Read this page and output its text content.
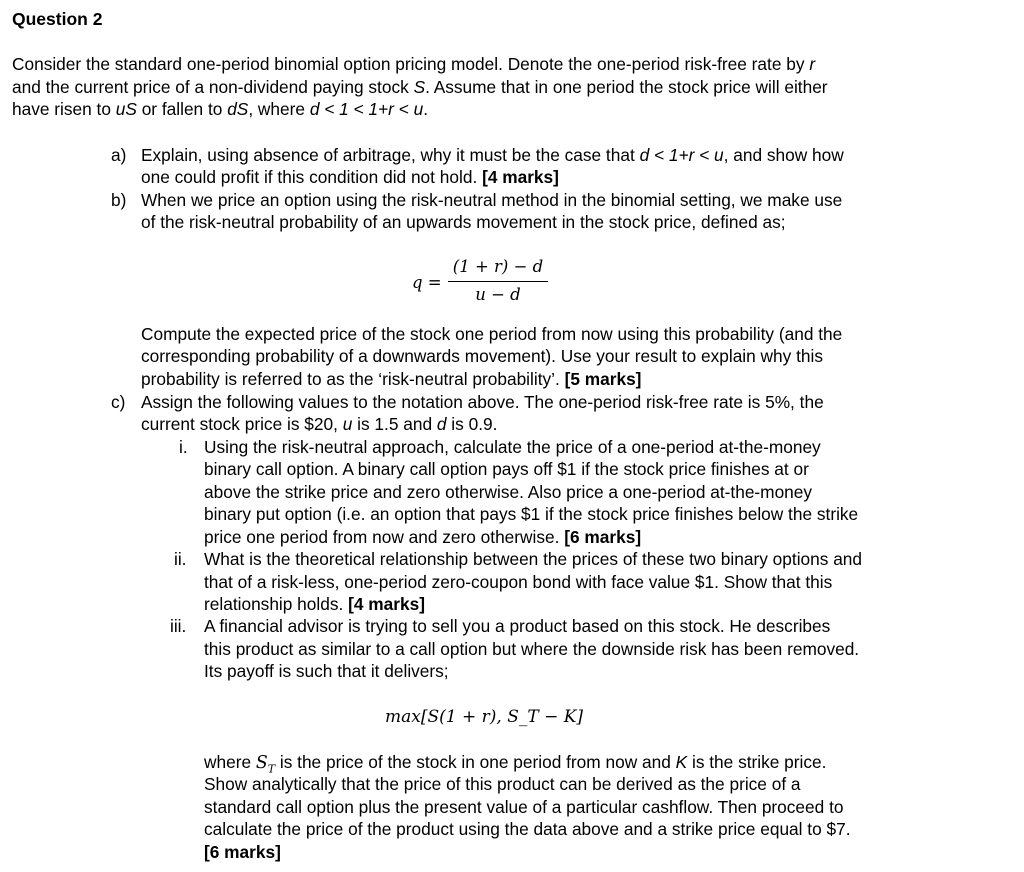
Question 2
Consider the standard one-period binomial option pricing model. Denote the one-period risk-free rate by r
and the current price of a non-dividend paying stock S. Assume that in one period the stock price will either
have risen to uS or fallen to dS, where d < 1 < 1+r < u.
a) Explain, using absence of arbitrage, why it must be the case that d < 1+r < u, and show how
one could profit if this condition did not hold. [4 marks]
b) When we price an option using the risk-neutral method in the binomial setting, we make use
of the risk-neutral probability of an upwards movement in the stock price, defined as;
q =
(1 + r) − d
u − d
Compute the expected price of the stock one period from now using this probability (and the
corresponding probability of a downwards movement). Use your result to explain why this
probability is referred to as the ‘risk-neutral probability’. [5 marks]
c) Assign the following values to the notation above. The one-period risk-free rate is 5%, the
current stock price is $20, u is 1.5 and d is 0.9.
i. Using the risk-neutral approach, calculate the price of a one-period at-the-money
binary call option. A binary call option pays off $1 if the stock price finishes at or
above the strike price and zero otherwise. Also price a one-period at-the-money
binary put option (i.e. an option that pays $1 if the stock price finishes below the strike
price one period from now and zero otherwise. [6 marks]
ii. What is the theoretical relationship between the prices of these two binary options and
that of a risk-less, one-period zero-coupon bond with face value $1. Show that this
relationship holds. [4 marks]
iii. A financial advisor is trying to sell you a product based on this stock. He describes
this product as similar to a call option but where the downside risk has been removed.
Its payoff is such that it delivers;
max[S(1 + r), S_T − K]
where $S_T$ is the price of the stock in one period from now and K is the strike price.
Show analytically that the price of this product can be derived as the price of a
standard call option plus the present value of a particular cashflow. Then proceed to
calculate the price of the product using the data above and a strike price equal to $7.
[6 marks]
